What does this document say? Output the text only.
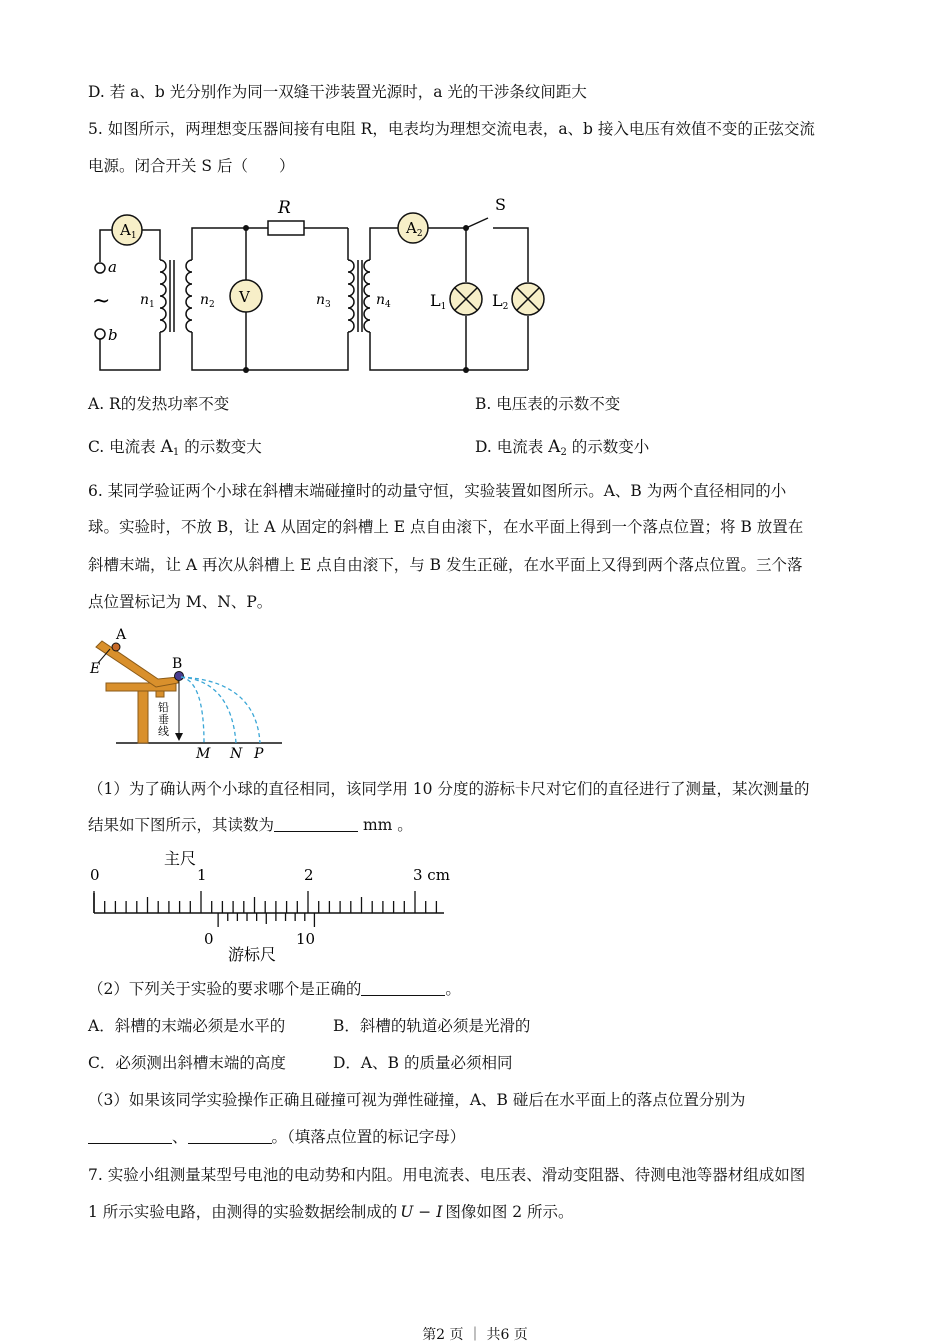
D. 若 a、b 光分别作为同一双缝干涉装置光源时，a 光的干涉条纹间距大
5. 如图所示，两理想变压器间接有电阻 R，电表均为理想交流电表，a、b 接入电压有效值不变的正弦交流
电源。闭合开关 S 后（　　）
$A_1$
V
$A_2$
R	S
a
b
~ $n_1$	$n_2$	$n_3$	$n_4$ L1	L2
A. R的发热功率不变	B. 电压表的示数不变
C. 电流表 $A_1$ 的示数变大	D. 电流表 $A_2$ 的示数变小
6. 某同学验证两个小球在斜槽末端碰撞时的动量守恒，实验装置如图所示。A、B 为两个直径相同的小
球。实验时，不放 B，让 A 从固定的斜槽上 E 点自由滚下，在水平面上得到一个落点位置；将 B 放置在
斜槽末端，让 A 再次从斜槽上 E 点自由滚下，与 B 发生正碰，在水平面上又得到两个落点位置。三个落
点位置标记为 M、N、P。
A
E	B
铅
垂
线
M N P
（1）为了确认两个小球的直径相同，该同学用 10 分度的游标卡尺对它们的直径进行了测量，某次测量的
结果如下图所示，其读数为	mm 。
主尺
0	1	2	3 cm
0	10
游标尺
（2）下列关于实验的要求哪个是正确的	。
A．斜槽的末端必须是水平的	B．斜槽的轨道必须是光滑的
C．必须测出斜槽末端的高度	D．A、B 的质量必须相同
（3）如果该同学实验操作正确且碰撞可视为弹性碰撞，A、B 碰后在水平面上的落点位置分别为
、	。（填落点位置的标记字母）
7. 实验小组测量某型号电池的电动势和内阻。用电流表、电压表、滑动变阻器、待测电池等器材组成如图
1 所示实验电路，由测得的实验数据绘制成的 U − I 图像如图 2 所示。
第2 页 ｜ 共6 页
